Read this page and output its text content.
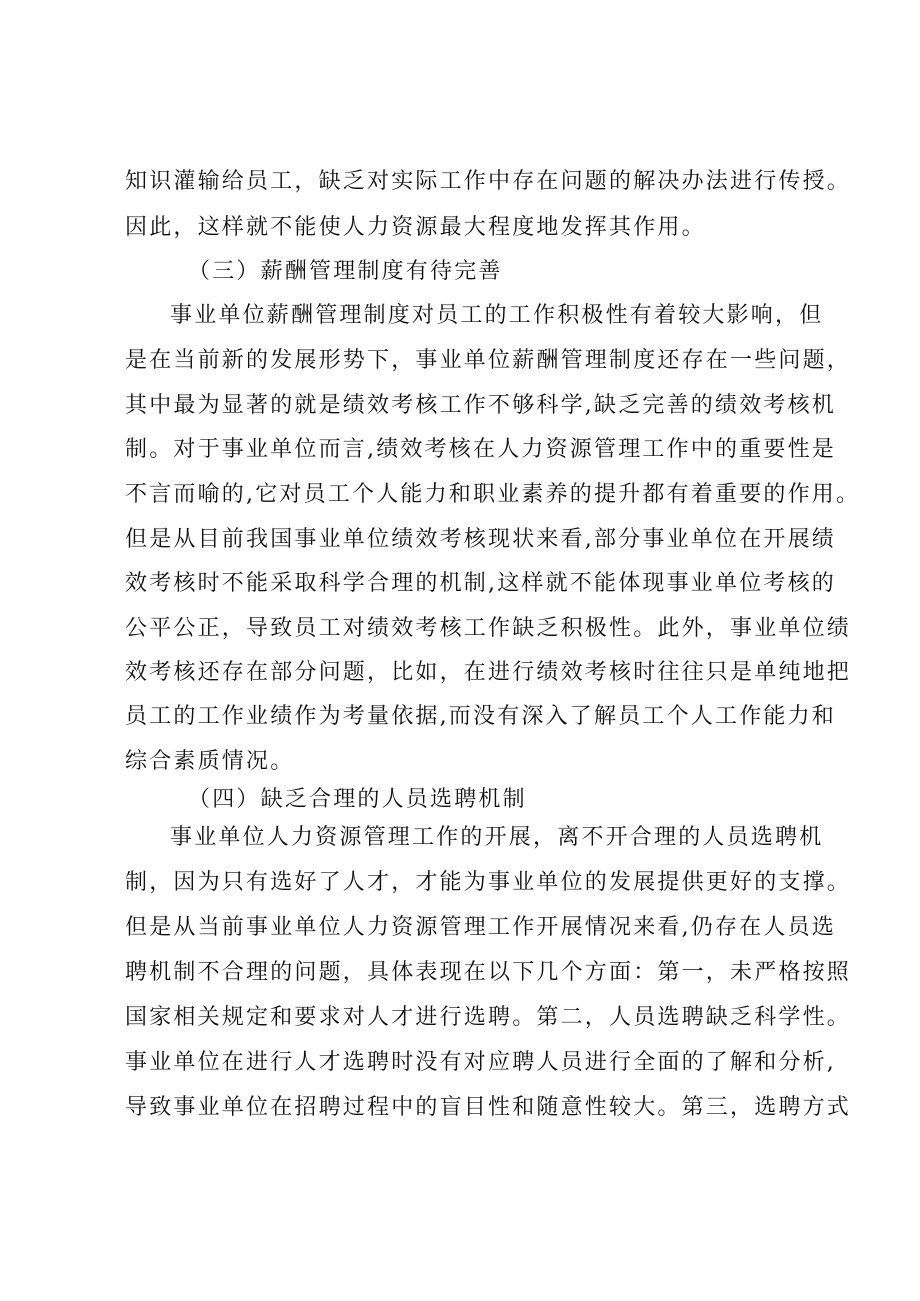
知识灌输给员工，缺乏对实际工作中存在问题的解决办法进行传授。
因此，这样就不能使人力资源最大程度地发挥其作用。
（三）薪酬管理制度有待完善
事业单位薪酬管理制度对员工的工作积极性有着较大影响，但
是在当前新的发展形势下，事业单位薪酬管理制度还存在一些问题，
其中最为显著的就是绩效考核工作不够科学,缺乏完善的绩效考核机
制。对于事业单位而言,绩效考核在人力资源管理工作中的重要性是
不言而喻的,它对员工个人能力和职业素养的提升都有着重要的作用。
但是从目前我国事业单位绩效考核现状来看,部分事业单位在开展绩
效考核时不能采取科学合理的机制,这样就不能体现事业单位考核的
公平公正，导致员工对绩效考核工作缺乏积极性。此外，事业单位绩
效考核还存在部分问题，比如，在进行绩效考核时往往只是单纯地把
员工的工作业绩作为考量依据,而没有深入了解员工个人工作能力和
综合素质情况。
（四）缺乏合理的人员选聘机制
事业单位人力资源管理工作的开展，离不开合理的人员选聘机
制，因为只有选好了人才，才能为事业单位的发展提供更好的支撑。
但是从当前事业单位人力资源管理工作开展情况来看,仍存在人员选
聘机制不合理的问题，具体表现在以下几个方面：第一，未严格按照
国家相关规定和要求对人才进行选聘。第二，人员选聘缺乏科学性。
事业单位在进行人才选聘时没有对应聘人员进行全面的了解和分析,
导致事业单位在招聘过程中的盲目性和随意性较大。第三，选聘方式
